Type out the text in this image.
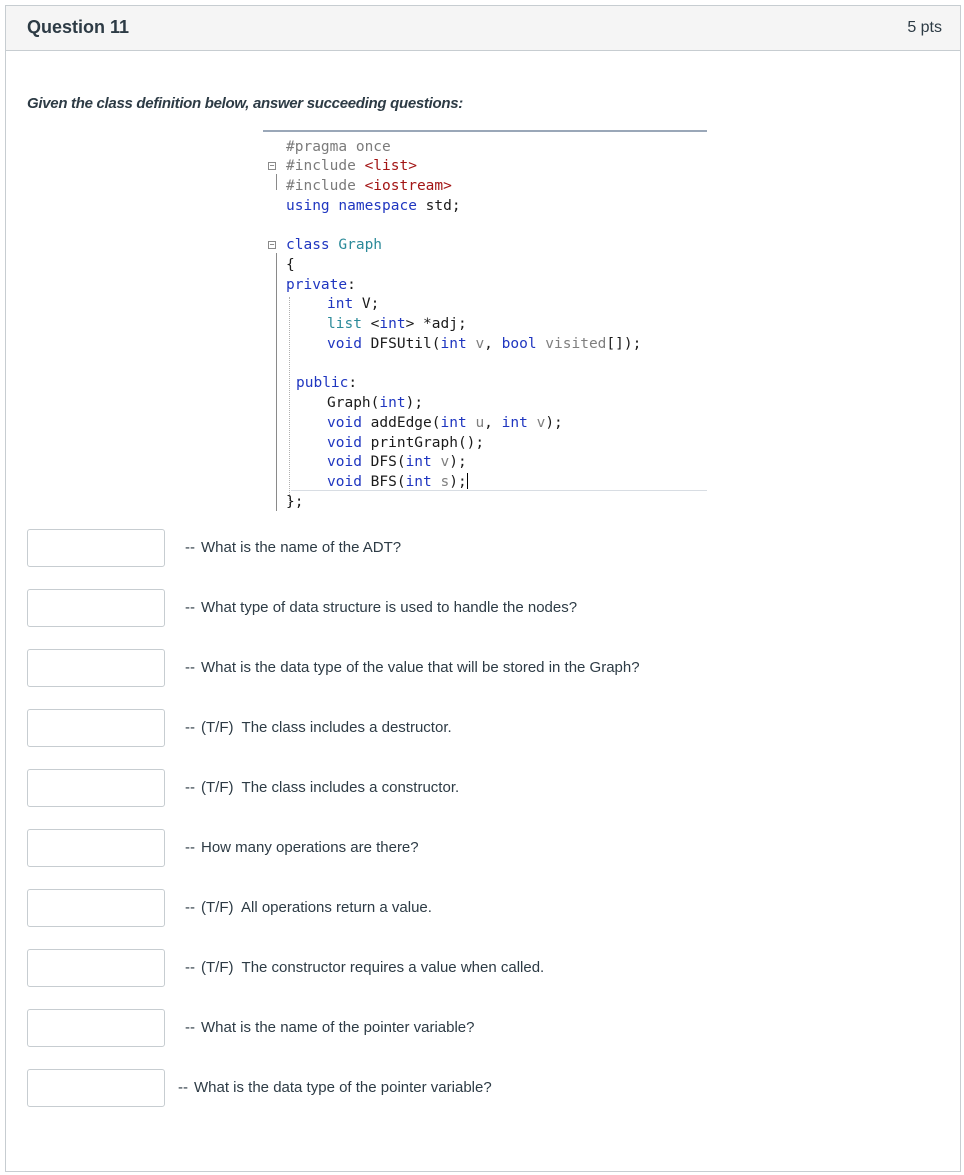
Question 11	5 pts
Given the class definition below, answer succeeding questions:
−
−
#pragma once
#include <list>
#include <iostream>
using namespace std;
class Graph
{
private:
int V;
list <int> *adj;
void DFSUtil(int v, bool visited[]);
public:
Graph(int);
void addEdge(int u, int v);
void printGraph();
void DFS(int v);
void BFS(int s);
};
-- What is the name of the ADT?
-- What type of data structure is used to handle the nodes?
-- What is the data type of the value that will be stored in the Graph?
-- (T/F)  The class includes a destructor.
-- (T/F)  The class includes a constructor.
-- How many operations are there?
-- (T/F)  All operations return a value.
-- (T/F)  The constructor requires a value when called.
-- What is the name of the pointer variable?
-- What is the data type of the pointer variable?
